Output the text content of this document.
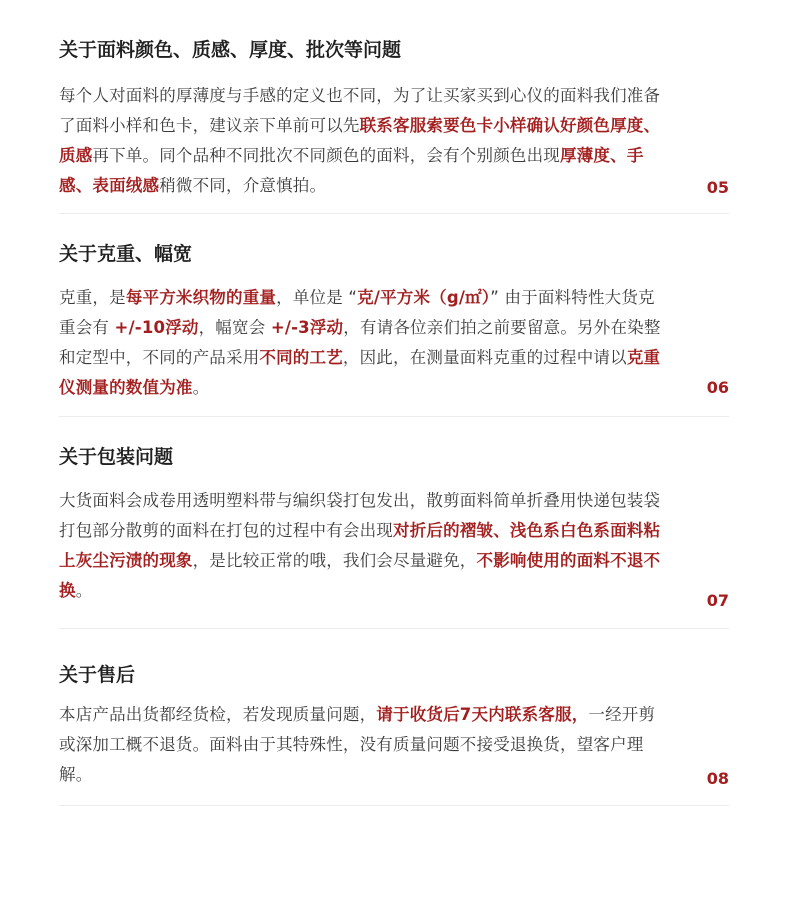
关于面料颜色、质感、厚度、批次等问题
每个人对面料的厚薄度与手感的定义也不同，为了让买家买到心仪的面料我们准备了面料小样和色卡，建议亲下单前可以先联系客服索要色卡小样确认好颜色厚度、质感再下单。同个品种不同批次不同颜色的面料，会有个别颜色出现厚薄度、手感、表面绒感稍微不同，介意慎拍。	05
关于克重、幅宽
克重，是每平方米织物的重量，单位是 “克/平方米（g/㎡）” 由于面料特性大货克重会有 +/-10浮动，幅宽会 +/-3浮动，有请各位亲们拍之前要留意。另外在染整和定型中，不同的产品采用不同的工艺，因此，在测量面料克重的过程中请以克重仪测量的数值为准。	06
关于包装问题
大货面料会成卷用透明塑料带与编织袋打包发出，散剪面料简单折叠用快递包装袋打包部分散剪的面料在打包的过程中有会出现对折后的褶皱、浅色系白色系面料粘上灰尘污渍的现象，是比较正常的哦，我们会尽量避免，不影响使用的面料不退不换。
07
关于售后
本店产品出货都经货检，若发现质量问题，请于收货后7天内联系客服，一经开剪或深加工概不退货。面料由于其特殊性，没有质量问题不接受退换货，望客户理解。	08
